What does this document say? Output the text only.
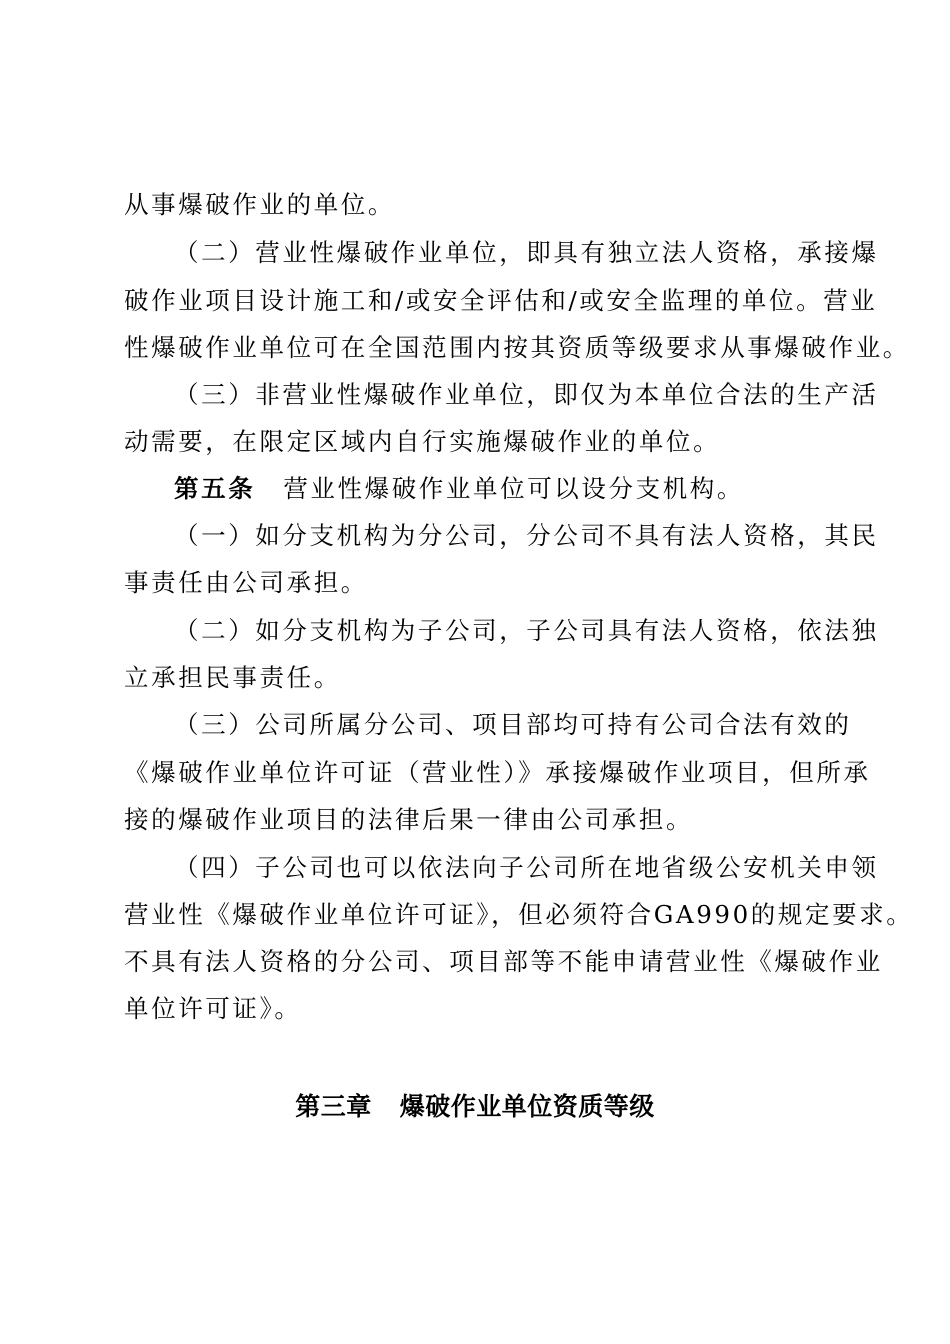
从事爆破作业的单位。
（二）营业性爆破作业单位，即具有独立法人资格，承接爆
破作业项目设计施工和/或安全评估和/或安全监理的单位。营业
性爆破作业单位可在全国范围内按其资质等级要求从事爆破作业。
（三）非营业性爆破作业单位，即仅为本单位合法的生产活
动需要，在限定区域内自行实施爆破作业的单位。
第五条 营业性爆破作业单位可以设分支机构。
（一）如分支机构为分公司，分公司不具有法人资格，其民
事责任由公司承担。
（二）如分支机构为子公司，子公司具有法人资格，依法独
立承担民事责任。
（三）公司所属分公司、项目部均可持有公司合法有效的
《爆破作业单位许可证（营业性）》承接爆破作业项目，但所承
接的爆破作业项目的法律后果一律由公司承担。
（四）子公司也可以依法向子公司所在地省级公安机关申领
营业性《爆破作业单位许可证》，但必须符合GA990的规定要求。
不具有法人资格的分公司、项目部等不能申请营业性《爆破作业
单位许可证》。
第三章 爆破作业单位资质等级
